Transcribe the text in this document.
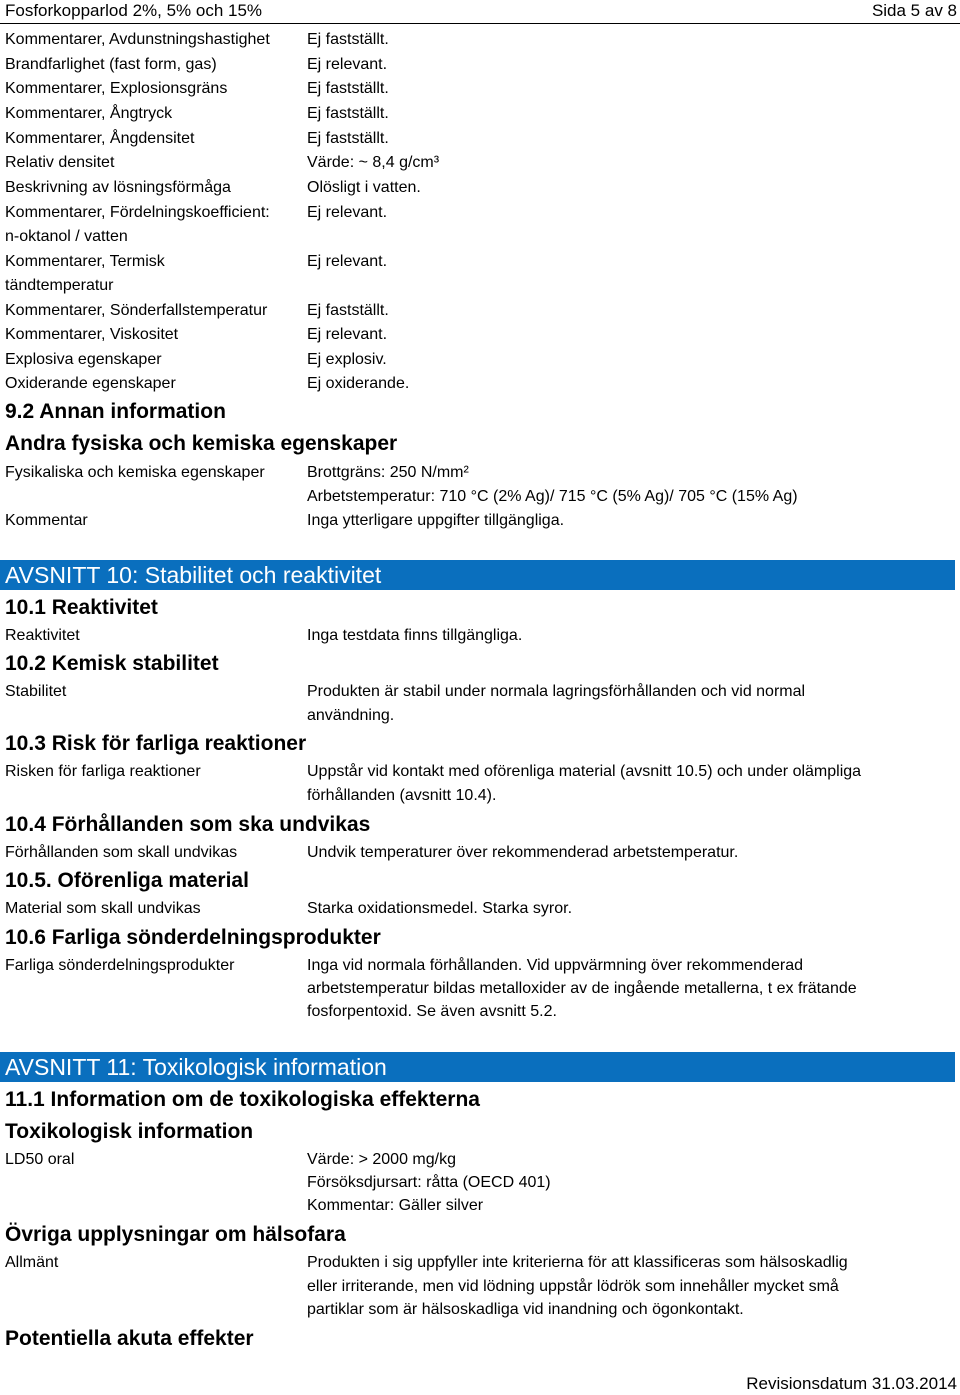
Fosforkopparlod 2%, 5% och 15%	Sida 5 av 8
Kommentarer, Avdunstningshastighet	Ej fastställt.
Brandfarlighet (fast form, gas)	Ej relevant.
Kommentarer, Explosionsgräns	Ej fastställt.
Kommentarer, Ångtryck	Ej fastställt.
Kommentarer, Ångdensitet	Ej fastställt.
Relativ densitet	Värde: ~ 8,4 g/cm³
Beskrivning av lösningsförmåga	Olösligt i vatten.
Kommentarer, Fördelningskoefficient:	Ej relevant.
n-oktanol / vatten
Kommentarer, Termisk	Ej relevant.
tändtemperatur
Kommentarer, Sönderfallstemperatur	Ej fastställt.
Kommentarer, Viskositet	Ej relevant.
Explosiva egenskaper	Ej explosiv.
Oxiderande egenskaper	Ej oxiderande.
9.2 Annan information
Andra fysiska och kemiska egenskaper
Fysikaliska och kemiska egenskaper	Brottgräns: 250 N/mm²
Arbetstemperatur: 710 °C (2% Ag)/ 715 °C (5% Ag)/ 705 °C (15% Ag)
Kommentar	Inga ytterligare uppgifter tillgängliga.
AVSNITT 10: Stabilitet och reaktivitet
10.1 Reaktivitet
Reaktivitet	Inga testdata finns tillgängliga.
10.2 Kemisk stabilitet
Stabilitet	Produkten är stabil under normala lagringsförhållanden och vid normal
användning.
10.3 Risk för farliga reaktioner
Risken för farliga reaktioner	Uppstår vid kontakt med oförenliga material (avsnitt 10.5) och under olämpliga
förhållanden (avsnitt 10.4).
10.4 Förhållanden som ska undvikas
Förhållanden som skall undvikas	Undvik temperaturer över rekommenderad arbetstemperatur.
10.5. Oförenliga material
Material som skall undvikas	Starka oxidationsmedel. Starka syror.
10.6 Farliga sönderdelningsprodukter
Farliga sönderdelningsprodukter	Inga vid normala förhållanden. Vid uppvärmning över rekommenderad
arbetstemperatur bildas metalloxider av de ingående metallerna, t ex frätande
fosforpentoxid. Se även avsnitt 5.2.
AVSNITT 11: Toxikologisk information
11.1 Information om de toxikologiska effekterna
Toxikologisk information
LD50 oral	Värde: > 2000 mg/kg
Försöksdjursart: råtta (OECD 401)
Kommentar: Gäller silver
Övriga upplysningar om hälsofara
Allmänt	Produkten i sig uppfyller inte kriterierna för att klassificeras som hälsoskadlig
eller irriterande, men vid lödning uppstår lödrök som innehåller mycket små
partiklar som är hälsoskadliga vid inandning och ögonkontakt.
Potentiella akuta effekter
Revisionsdatum 31.03.2014
